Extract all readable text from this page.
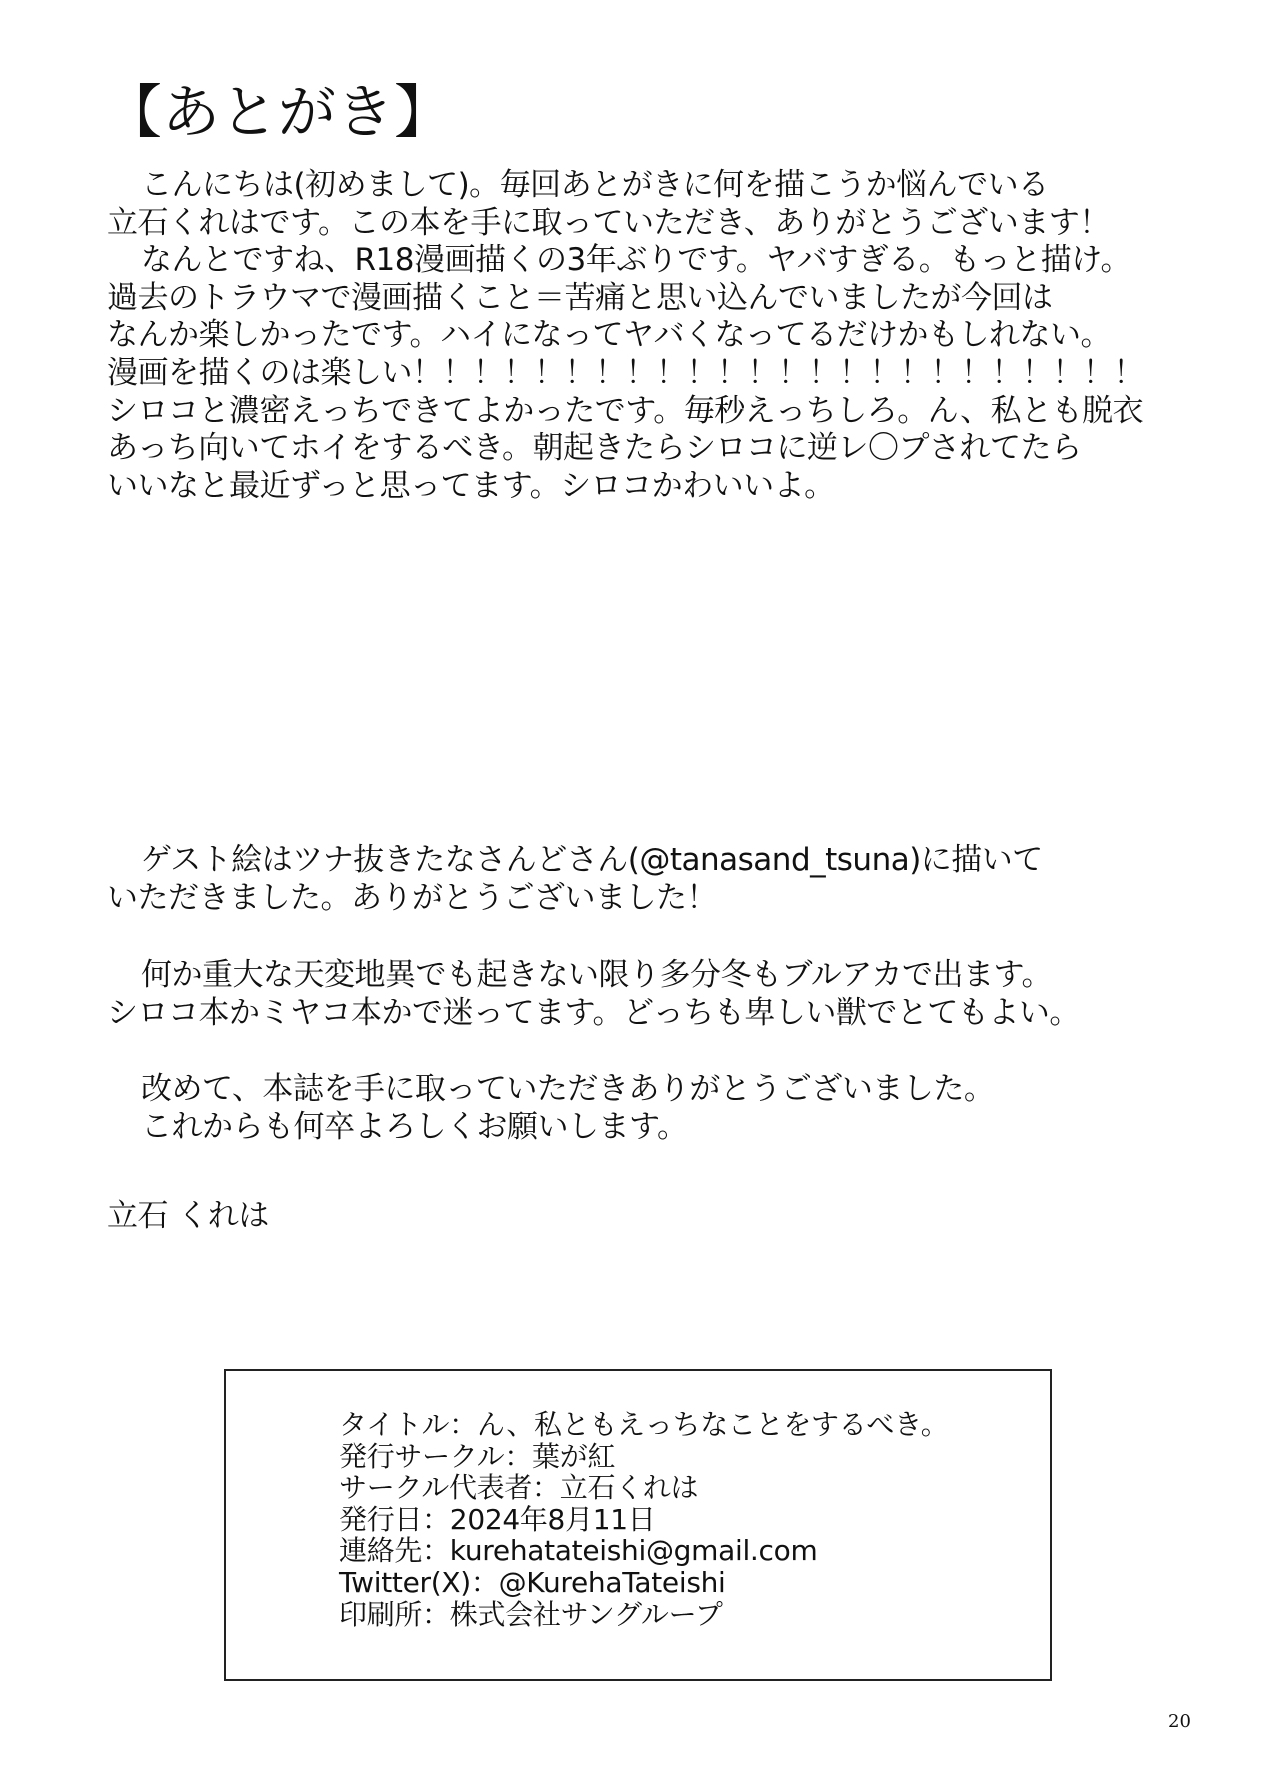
【あとがき】
こんにちは(初めまして)。毎回あとがきに何を描こうか悩んでいる
立石くれはです。この本を手に取っていただき、ありがとうございます！
なんとですね、R18漫画描くの3年ぶりです。ヤバすぎる。もっと描け。
過去のトラウマで漫画描くこと＝苦痛と思い込んでいましたが今回は
なんか楽しかったです。ハイになってヤバくなってるだけかもしれない。
漫画を描くのは楽しい！！！！！！！！！！！！！！！！！！！！！！！！
シロコと濃密えっちできてよかったです。毎秒えっちしろ。ん、私とも脱衣
あっち向いてホイをするべき。朝起きたらシロコに逆レ〇プされてたら
いいなと最近ずっと思ってます。シロコかわいいよ。
ゲスト絵はツナ抜きたなさんどさん(@tanasand_tsuna)に描いて
いただきました。ありがとうございました！
何か重大な天変地異でも起きない限り多分冬もブルアカで出ます。
シロコ本かミヤコ本かで迷ってます。どっちも卑しい獣でとてもよい。
改めて、本誌を手に取っていただきありがとうございました。
これからも何卒よろしくお願いします。
立石 くれは
タイトル：ん、私ともえっちなことをするべき。
発行サークル：葉が紅
サークル代表者：立石くれは
発行日：2024年8月11日
連絡先：kurehatateishi@gmail.com
Twitter(X)：@KurehaTateishi
印刷所：株式会社サングループ
20
